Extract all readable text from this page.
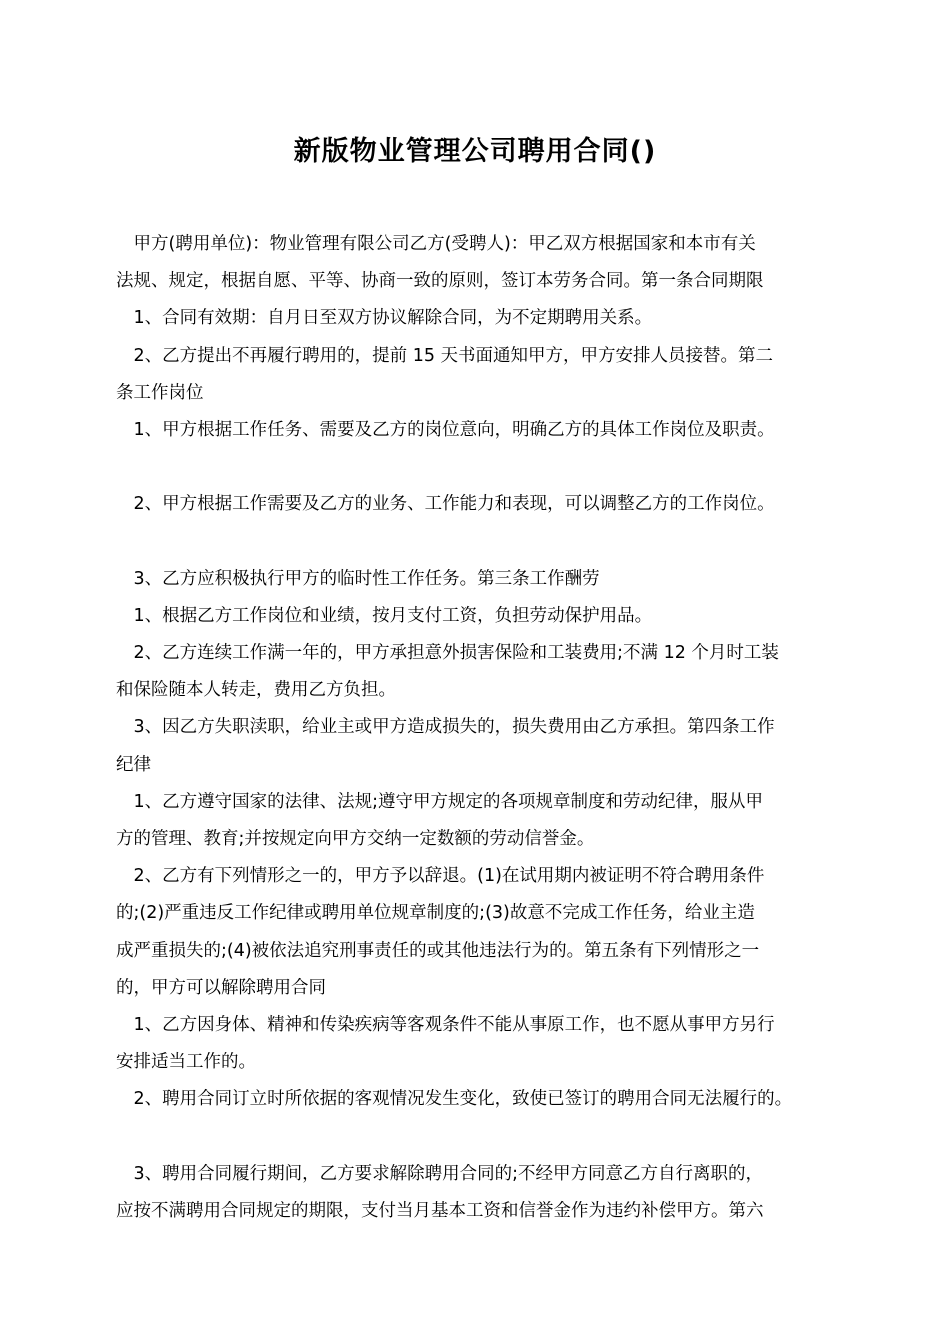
新版物业管理公司聘用合同()
　甲方(聘用单位)：物业管理有限公司乙方(受聘人)：甲乙双方根据国家和本市有关
法规、规定，根据自愿、平等、协商一致的原则，签订本劳务合同。第一条合同期限
　1、合同有效期：自月日至双方协议解除合同，为不定期聘用关系。
　2、乙方提出不再履行聘用的，提前 15 天书面通知甲方，甲方安排人员接替。第二
条工作岗位
　1、甲方根据工作任务、需要及乙方的岗位意向，明确乙方的具体工作岗位及职责。
　2、甲方根据工作需要及乙方的业务、工作能力和表现，可以调整乙方的工作岗位。
　3、乙方应积极执行甲方的临时性工作任务。第三条工作酬劳
　1、根据乙方工作岗位和业绩，按月支付工资，负担劳动保护用品。
　2、乙方连续工作满一年的，甲方承担意外损害保险和工装费用;不满 12 个月时工装
和保险随本人转走，费用乙方负担。
　3、因乙方失职渎职，给业主或甲方造成损失的，损失费用由乙方承担。第四条工作
纪律
　1、乙方遵守国家的法律、法规;遵守甲方规定的各项规章制度和劳动纪律，服从甲
方的管理、教育;并按规定向甲方交纳一定数额的劳动信誉金。
　2、乙方有下列情形之一的，甲方予以辞退。(1)在试用期内被证明不符合聘用条件
的;(2)严重违反工作纪律或聘用单位规章制度的;(3)故意不完成工作任务，给业主造
成严重损失的;(4)被依法追究刑事责任的或其他违法行为的。第五条有下列情形之一
的，甲方可以解除聘用合同
　1、乙方因身体、精神和传染疾病等客观条件不能从事原工作，也不愿从事甲方另行
安排适当工作的。
　2、聘用合同订立时所依据的客观情况发生变化，致使已签订的聘用合同无法履行的。
　3、聘用合同履行期间，乙方要求解除聘用合同的;不经甲方同意乙方自行离职的，
应按不满聘用合同规定的期限，支付当月基本工资和信誉金作为违约补偿甲方。第六
